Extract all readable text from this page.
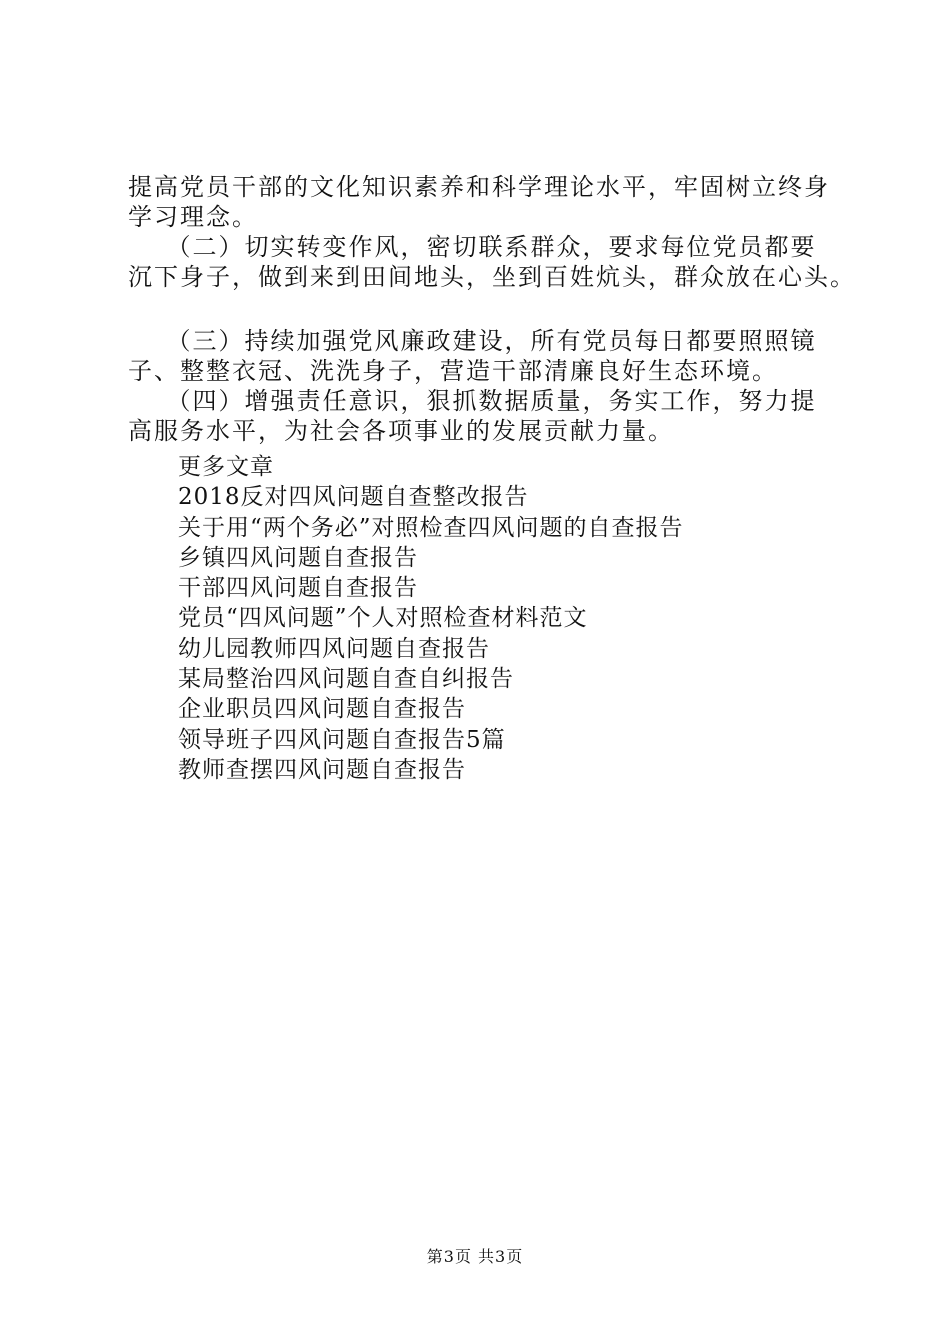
提高党员干部的文化知识素养和科学理论水平，牢固树立终身

学习理念。

（二）切实转变作风，密切联系群众，要求每位党员都要

沉下身子，做到来到田间地头，坐到百姓炕头，群众放在心头。

（三）持续加强党风廉政建设，所有党员每日都要照照镜

子、整整衣冠、洗洗身子，营造干部清廉良好生态环境。

（四）增强责任意识，狠抓数据质量，务实工作，努力提

高服务水平，为社会各项事业的发展贡献力量。

更多文章
2018反对四风问题自查整改报告
关于用“两个务必”对照检查四风问题的自查报告
乡镇四风问题自查报告
干部四风问题自查报告
党员“四风问题”个人对照检查材料范文
幼儿园教师四风问题自查报告
某局整治四风问题自查自纠报告
企业职员四风问题自查报告
领导班子四风问题自查报告5篇
教师查摆四风问题自查报告
第3页 共3页
